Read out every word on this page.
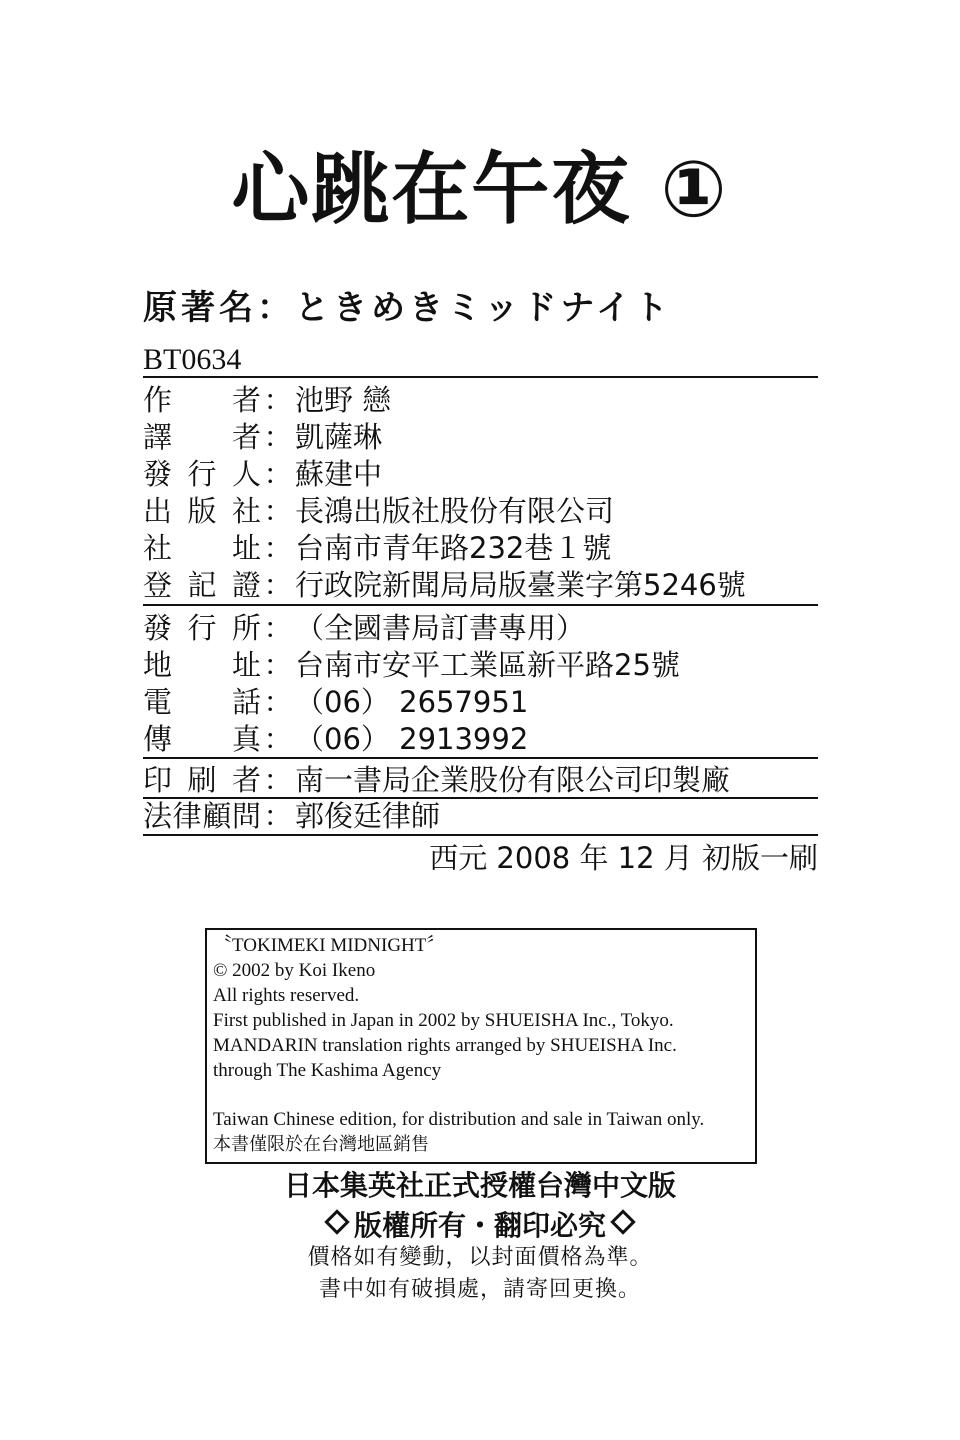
心跳在午夜 ①
原著名：ときめきミッドナイト
BT0634
作者：池野 戀
譯者：凱薩琳
發行人：蘇建中
出版社：長鴻出版社股份有限公司
社址：台南市青年路232巷１號
登記證：行政院新聞局局版臺業字第5246號
發行所：（全國書局訂書專用）
地址：台南市安平工業區新平路25號
電話：（06） 2657951
傳真：（06） 2913992
印刷者：南一書局企業股份有限公司印製廠
法律顧問：郭俊廷律師
西元 2008 年 12 月 初版一刷
〝TOKIMEKI MIDNIGHT〞
© 2002 by Koi Ikeno
All rights reserved.
First published in Japan in 2002 by SHUEISHA Inc., Tokyo.
MANDARIN translation rights arranged by SHUEISHA Inc.
through The Kashima Agency
Taiwan Chinese edition, for distribution and sale in Taiwan only.
本書僅限於在台灣地區銷售
日本集英社正式授權台灣中文版
版權所有・翻印必究
價格如有變動，以封面價格為準。
書中如有破損處，請寄回更換。
